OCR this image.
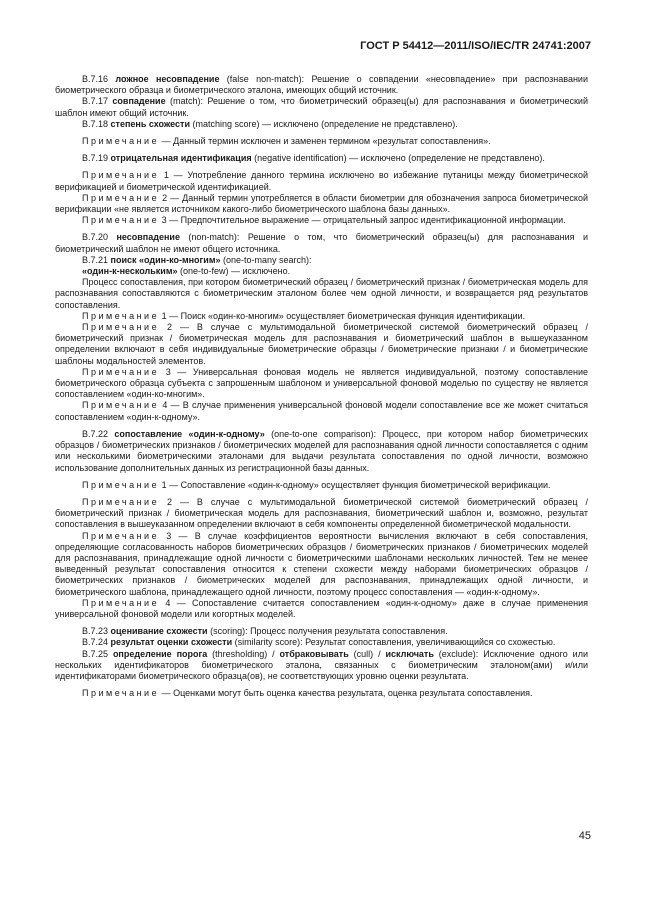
ГОСТ Р 54412—2011/ISO/IEC/TR 24741:2007

B.7.16 ложное несовпадение (false non-match): Решение о совпадении «несовпадение» при распознавании биометрического образца и биометрического эталона, имеющих общий источник.

B.7.17 совпадение (match): Решение о том, что биометрический образец(ы) для распознавания и биометрический шаблон имеют общий источник.

B.7.18 степень схожести (matching score) — исключено (определение не представлено).

Примечание — Данный термин исключен и заменен термином «результат сопоставления».

B.7.19 отрицательная идентификация (negative identification) — исключено (определение не представлено).

Примечание 1 — Употребление данного термина исключено во избежание путаницы между биометрической верификацией и биометрической идентификацией.

Примечание 2 — Данный термин употребляется в области биометрии для обозначения запроса биометрической верификации «не является источником какого-либо биометрического шаблона базы данных».

Примечание 3 — Предпочтительное выражение — отрицательный запрос идентификационной информации.

B.7.20 несовпадение (non-match): Решение о том, что биометрический образец(ы) для распознавания и биометрический шаблон не имеют общего источника.

B.7.21 поиск «один-ко-многим» (one-to-many search):

«один-к-нескольким» (one-to-few) — исключено.

Процесс сопоставления, при котором биометрический образец / биометрический признак / биометрическая модель для распознавания сопоставляются с биометрическим эталоном более чем одной личности, и возвращается ряд результатов сопоставления.

Примечание 1 — Поиск «один-ко-многим» осуществляет биометрическая функция идентификации.

Примечание 2 — В случае с мультимодальной биометрической системой биометрический образец / биометрический признак / биометрическая модель для распознавания и биометрический шаблон в вышеуказанном определении включают в себя индивидуальные биометрические образцы / биометрические признаки / и биометрические шаблоны модальностей элементов.

Примечание 3 — Универсальная фоновая модель не является индивидуальной, поэтому сопоставление биометрического образца субъекта с запрошенным шаблоном и универсальной фоновой моделью по существу не является сопоставлением «один-ко-многим».

Примечание 4 — В случае применения универсальной фоновой модели сопоставление все же может считаться сопоставлением «один-к-одному».

B.7.22 сопоставление «один-к-одному» (one-to-one comparison): Процесс, при котором набор биометрических образцов / биометрических признаков / биометрических моделей для распознавания одной личности сопоставляется с одним или несколькими биометрическими эталонами для выдачи результата сопоставления по одной личности, возможно использование дополнительных данных из регистрационной базы данных.

Примечание 1 — Сопоставление «один-к-одному» осуществляет функция биометрической верификации.

Примечание 2 — В случае с мультимодальной биометрической системой биометрический образец / биометрический признак / биометрическая модель для распознавания, биометрический шаблон и, возможно, результат сопоставления в вышеуказанном определении включают в себя компоненты определенной биометрической модальности.

Примечание 3 — В случае коэффициентов вероятности вычисления включают в себя сопоставления, определяющие согласованность наборов биометрических образцов / биометрических признаков / биометрических моделей для распознавания, принадлежащие одной личности с биометрическими шаблонами нескольких личностей. Тем не менее выведенный результат сопоставления относится к степени схожести между наборами биометрических образцов / биометрических признаков / биометрических моделей для распознавания, принадлежащих одной личности, и биометрического шаблона, принадлежащего одной личности, поэтому процесс сопоставления — «один-к-одному».

Примечание 4 — Сопоставление считается сопоставлением «один-к-одному» даже в случае применения универсальной фоновой модели или когортных моделей.

B.7.23 оценивание схожести (scoring): Процесс получения результата сопоставления.

B.7.24 результат оценки схожести (similarity score): Результат сопоставления, увеличивающийся со схожестью.

B.7.25 определение порога (thresholding) / отбраковывать (cull) / исключать (exclude): Исключение одного или нескольких идентификаторов биометрического эталона, связанных с биометрическим эталоном(ами) и/или идентификаторами биометрического образца(ов), не соответствующих уровню оценки результата.

Примечание — Оценками могут быть оценка качества результата, оценка результата сопоставления.

45
